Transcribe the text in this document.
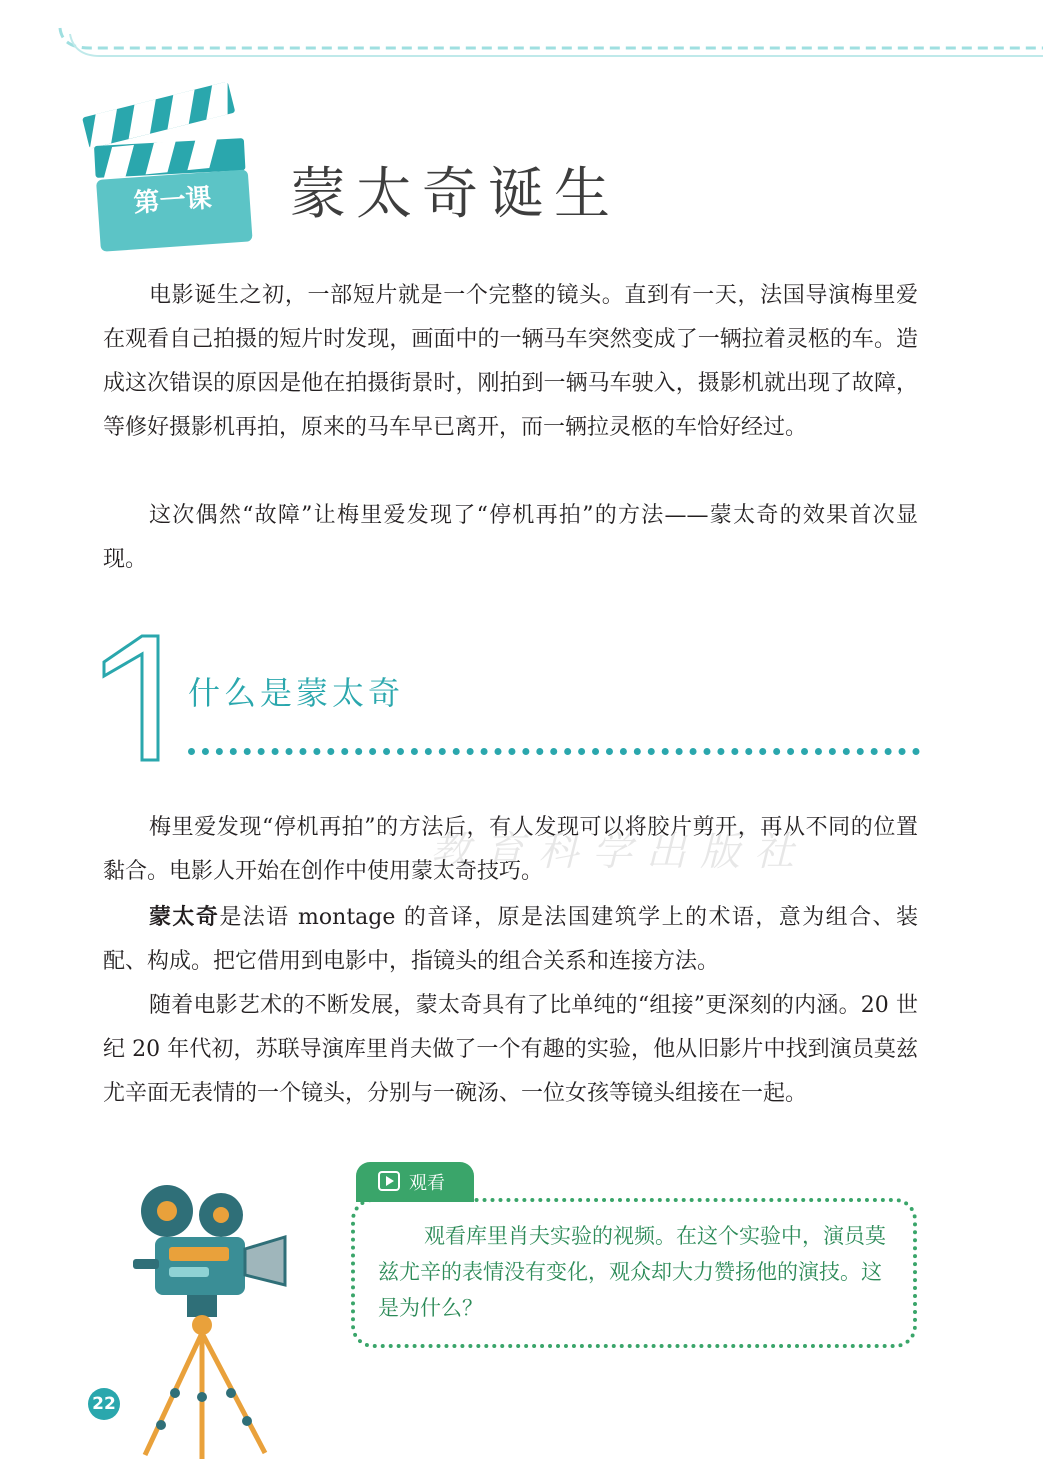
第一课	蒙太奇诞生

电影诞生之初，一部短片就是一个完整的镜头。直到有一天，法国导演梅里爱在观看自己拍摄的短片时发现，画面中的一辆马车突然变成了一辆拉着灵柩的车。造成这次错误的原因是他在拍摄街景时，刚拍到一辆马车驶入，摄影机就出现了故障，等修好摄影机再拍，原来的马车早已离开，而一辆拉灵柩的车恰好经过。

这次偶然“故障”让梅里爱发现了“停机再拍”的方法——蒙太奇的效果首次显现。

1
什么是蒙太奇
教育科学出版社

梅里爱发现“停机再拍”的方法后，有人发现可以将胶片剪开，再从不同的位置黏合。电影人开始在创作中使用蒙太奇技巧。

蒙太奇是法语 montage 的音译，原是法国建筑学上的术语，意为组合、装配、构成。把它借用到电影中，指镜头的组合关系和连接方法。

随着电影艺术的不断发展，蒙太奇具有了比单纯的“组接”更深刻的内涵。20 世纪 20 年代初，苏联导演库里肖夫做了一个有趣的实验，他从旧影片中找到演员莫兹尤辛面无表情的一个镜头，分别与一碗汤、一位女孩等镜头组接在一起。

观看

观看库里肖夫实验的视频。在这个实验中，演员莫兹尤辛的表情没有变化，观众却大力赞扬他的演技。这是为什么？

22
